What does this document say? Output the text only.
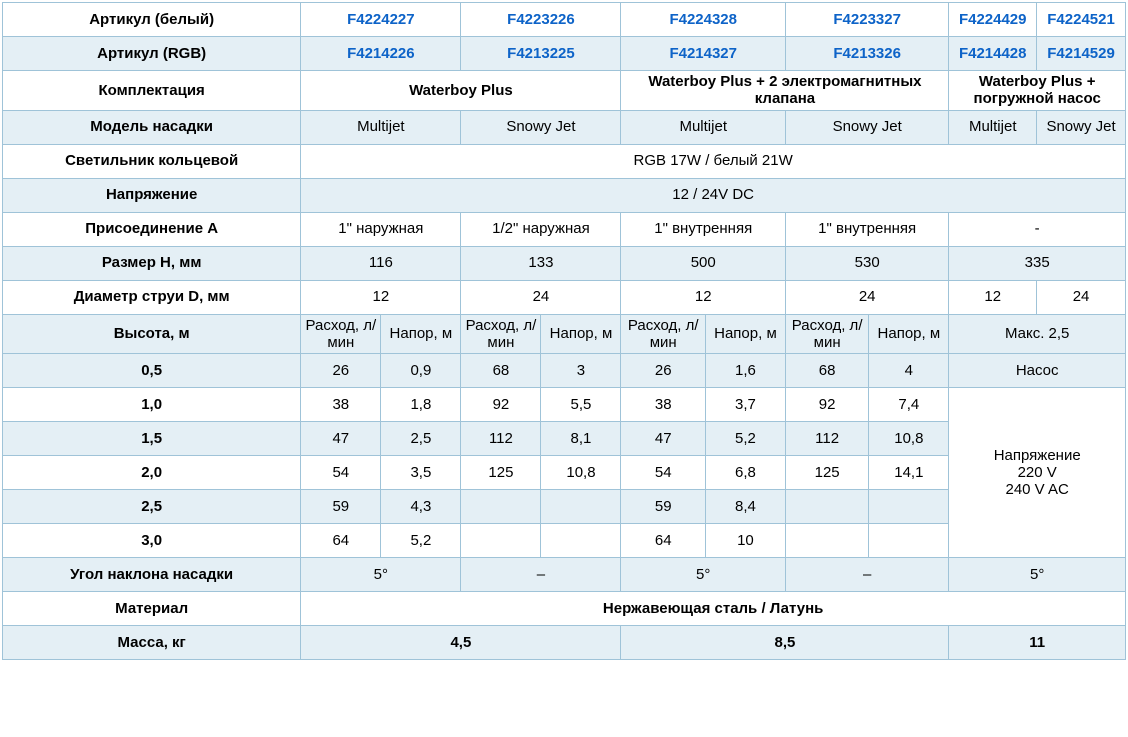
Артикул (белый)	F4224227		F4223226		F4224328		F4223327		F4224429	F4224521
Артикул (RGB)	F4214226		F4213225		F4214327		F4213326		F4214428	F4214529
Комплектация	Waterboy Plus				Waterboy Plus + 2 электромагнитных клапана				Waterboy Plus + погружной насос	
Модель насадки	Multijet		Snowy Jet		Multijet		Snowy Jet		Multijet	Snowy Jet
Светильник кольцевой	RGB 17W / белый 21W									
Напряжение	12 / 24V DC									
Присоединение A	1" наружная		1/2" наружная		1" внутренняя		1" внутренняя		-	
Размер H, мм	116		133		500		530		335	
Диаметр струи D, мм	12		24		12		24		12	24
Высота, м	Расход, л/мин	Напор, м	Расход, л/мин	Напор, м	Расход, л/мин	Напор, м	Расход, л/мин	Напор, м	Макс. 2,5	
0,5	26	0,9	68	3	26	1,6	68	4	Насос	
1,0	38	1,8	92	5,5	38	3,7	92	7,4	Напряжение
220 V
240 V AC	

1,5	47	2,5	112	8,1	47	5,2	112	10,8		
2,0	54	3,5	125	10,8	54	6,8	125	14,1		
2,5	59	4,3			59	8,4				
3,0	64	5,2			64	10				
Угол наклона насадки	5°		–		5°		–		5°	
Материал	Нержавеющая сталь / Латунь									
Масса, кг	4,5				8,5				11	
